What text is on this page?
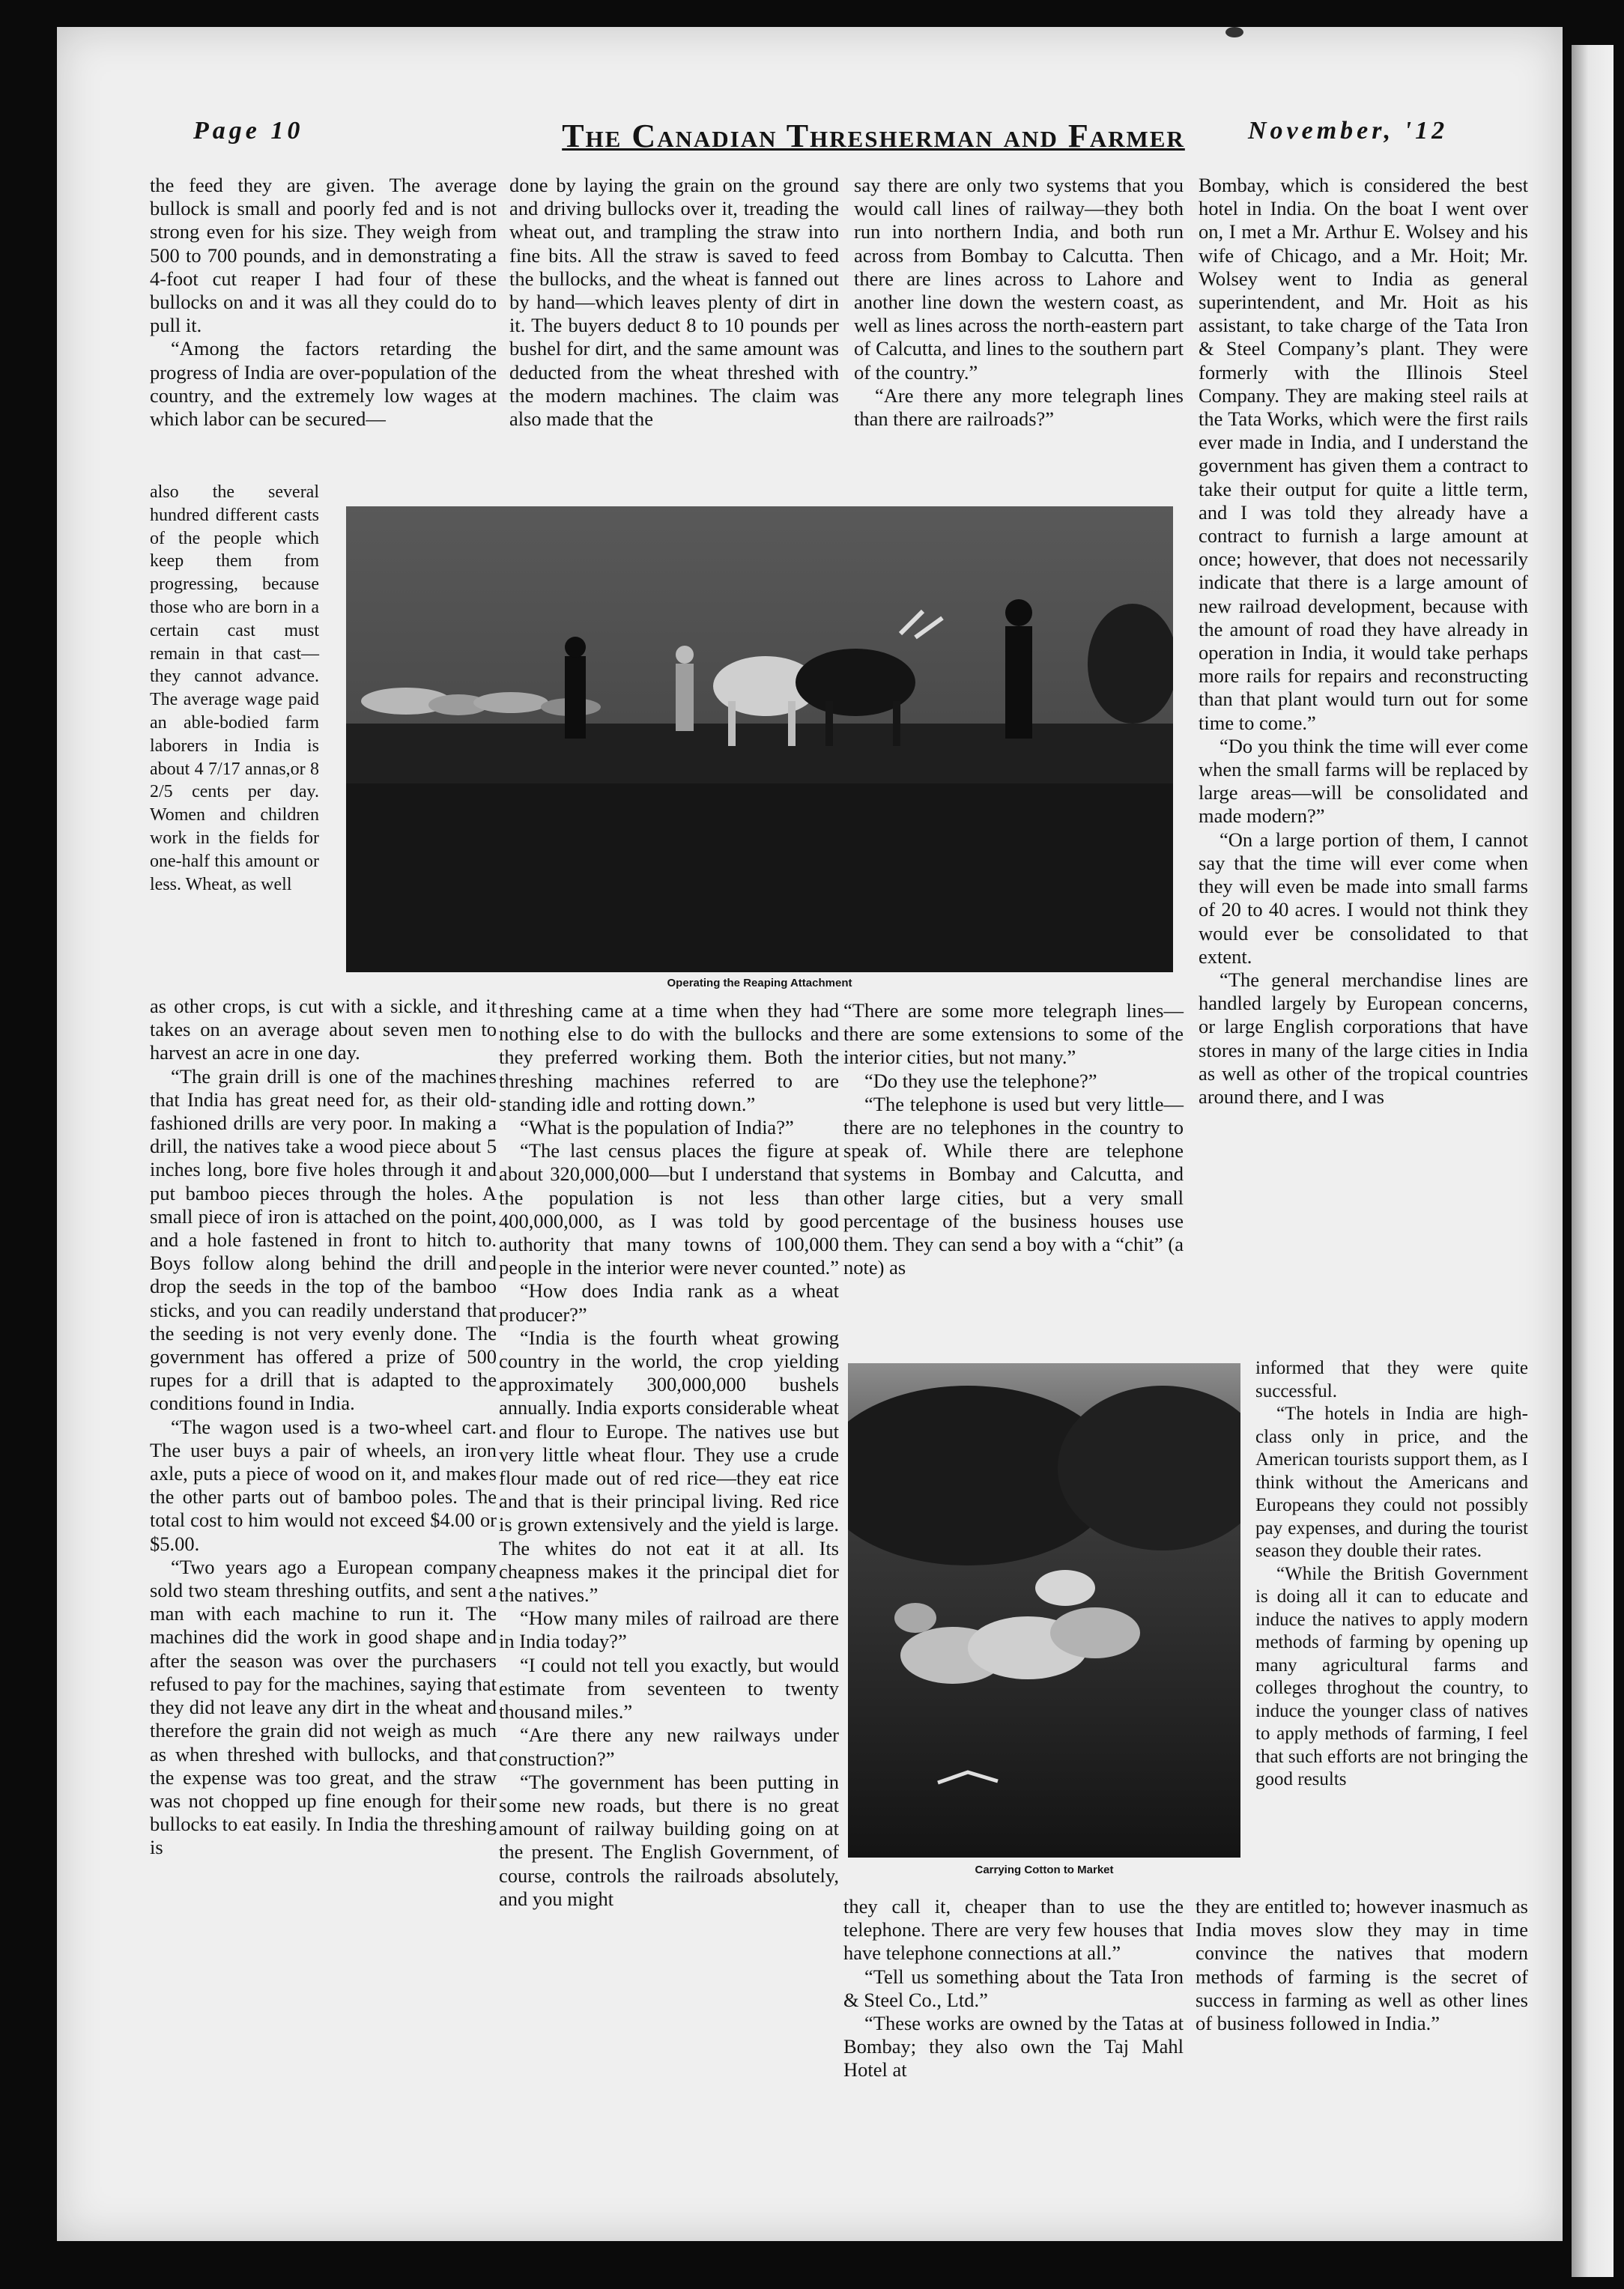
Page 10	The Canadian Thresherman and Farmer	November, '12

the feed they are given. The average bullock is small and poorly fed and is not strong even for his size. They weigh from 500 to 700 pounds, and in demonstrating a 4-foot cut reaper I had four of these bullocks on and it was all they could do to pull it.

“Among the factors retarding the progress of India are over-population of the country, and the extremely low wages at which labor can be secured—

also the several hundred different casts of the people which keep them from progressing, because those who are born in a certain cast must remain in that cast—they cannot advance. The average wage paid an able-bodied farm laborers in India is about 4 7/17 annas,or 8 2/5 cents per day. Women and children work in the fields for one-half this amount or less. Wheat, as well

as other crops, is cut with a sickle, and it takes on an average about seven men to harvest an acre in one day.

“The grain drill is one of the machines that India has great need for, as their old-fashioned drills are very poor. In making a drill, the natives take a wood piece about 5 inches long, bore five holes through it and put bamboo pieces through the holes. A small piece of iron is attached on the point, and a hole fastened in front to hitch to. Boys follow along behind the drill and drop the seeds in the top of the bamboo sticks, and you can readily understand that the seeding is not very evenly done. The government has offered a prize of 500 rupes for a drill that is adapted to the conditions found in India.

“The wagon used is a two-wheel cart. The user buys a pair of wheels, an iron axle, puts a piece of wood on it, and makes the other parts out of bamboo poles. The total cost to him would not exceed $4.00 or $5.00.

“Two years ago a European company sold two steam threshing outfits, and sent a man with each machine to run it. The machines did the work in good shape and after the season was over the purchasers refused to pay for the machines, saying that they did not leave any dirt in the wheat and therefore the grain did not weigh as much as when threshed with bullocks, and that the expense was too great, and the straw was not chopped up fine enough for their bullocks to eat easily. In India the threshing is

done by laying the grain on the ground and driving bullocks over it, treading the wheat out, and trampling the straw into fine bits. All the straw is saved to feed the bullocks, and the wheat is fanned out by hand—which leaves plenty of dirt in it. The buyers deduct 8 to 10 pounds per bushel for dirt, and the same amount was deducted from the wheat threshed with the modern machines. The claim was also made that the

threshing came at a time when they had nothing else to do with the bullocks and they preferred working them. Both the threshing machines referred to are standing idle and rotting down.”

“What is the population of India?”

“The last census places the figure at about 320,000,000—but I understand that the population is not less than 400,000,000, as I was told by good authority that many towns of 100,000 people in the interior were never counted.”

“How does India rank as a wheat producer?”

“India is the fourth wheat growing country in the world, the crop yielding approximately 300,000,000 bushels annually. India exports considerable wheat and flour to Europe. The natives use but very little wheat flour. They use a crude flour made out of red rice—they eat rice and that is their principal living. Red rice is grown extensively and the yield is large. The whites do not eat it at all. Its cheapness makes it the principal diet for the natives.”

“How many miles of railroad are there in India today?”

“I could not tell you exactly, but would estimate from seventeen to twenty thousand miles.”

“Are there any new railways under construction?”

“The government has been putting in some new roads, but there is no great amount of railway building going on at the present. The English Government, of course, controls the railroads absolutely, and you might

say there are only two systems that you would call lines of railway—they both run into northern India, and both run across from Bombay to Calcutta. Then there are lines across to Lahore and another line down the western coast, as well as lines across the north-eastern part of Calcutta, and lines to the southern part of the country.”

“Are there any more telegraph lines than there are railroads?”

“There are some more telegraph lines—there are some extensions to some of the interior cities, but not many.”

“Do they use the telephone?”

“The telephone is used but very little—there are no telephones in the country to speak of. While there are telephone systems in Bombay and Calcutta, and other large cities, but a very small percentage of the business houses use them. They can send a boy with a “chit” (a note) as

they call it, cheaper than to use the telephone. There are very few houses that have telephone connections at all.”

“Tell us something about the Tata Iron & Steel Co., Ltd.”

“These works are owned by the Tatas at Bombay; they also own the Taj Mahl Hotel at

Bombay, which is considered the best hotel in India. On the boat I went over on, I met a Mr. Arthur E. Wolsey and his wife of Chicago, and a Mr. Hoit; Mr. Wolsey went to India as general superintendent, and Mr. Hoit as his assistant, to take charge of the Tata Iron & Steel Company’s plant. They were formerly with the Illinois Steel Company. They are making steel rails at the Tata Works, which were the first rails ever made in India, and I understand the government has given them a contract to take their output for quite a little term, and I was told they already have a contract to furnish a large amount at once; however, that does not necessarily indicate that there is a large amount of new railroad development, because with the amount of road they have already in operation in India, it would take perhaps more rails for repairs and reconstructing than that plant would turn out for some time to come.”

“Do you think the time will ever come when the small farms will be replaced by large areas—will be consolidated and made modern?”

“On a large portion of them, I cannot say that the time will ever come when they will even be made into small farms of 20 to 40 acres. I would not think they would ever be consolidated to that extent.

“The general merchandise lines are handled largely by European concerns, or large English corporations that have stores in many of the large cities in India as well as other of the tropical countries around there, and I was

informed that they were quite successful.

“The hotels in India are high-class only in price, and the American tourists support them, as I think without the Americans and Europeans they could not possibly pay expenses, and during the tourist season they double their rates.

“While the British Government is doing all it can to educate and induce the natives to apply modern methods of farming by opening up many agricultural farms and colleges throghout the country, to induce the younger class of natives to apply methods of farming, I feel that such efforts are not bringing the good results

they are entitled to; however inasmuch as India moves slow they may in time convince the natives that modern methods of farming is the secret of success in farming as well as other lines of business followed in India.”

Operating the Reaping Attachment
Carrying Cotton to Market
